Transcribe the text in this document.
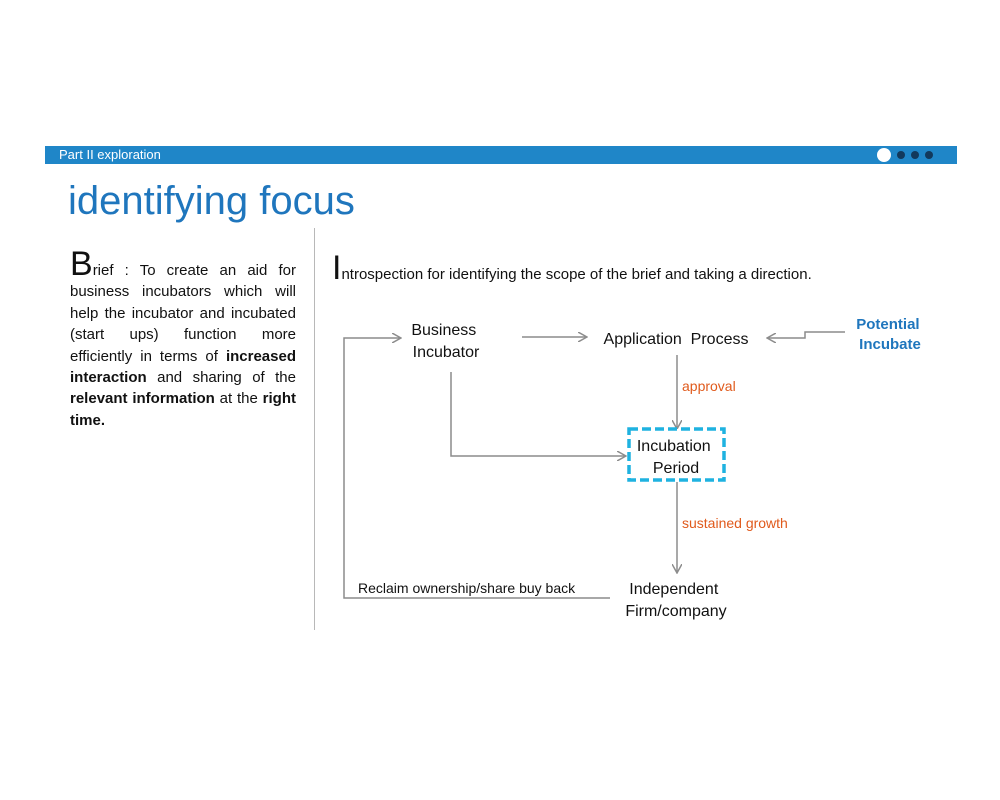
Part II exploration
identifying focus
Brief : To create an aid for business incubators which will help the incubator and incubated (start ups) function more efficiently in terms of increased interaction and sharing of the relevant information at the right time.
Introspection for identifying the scope of the brief and taking a direction.
Business Incubator
Application  Process
Potential Incubate
approval
Incubation Period
sustained growth
Independent Firm/company
Reclaim ownership/share buy back
